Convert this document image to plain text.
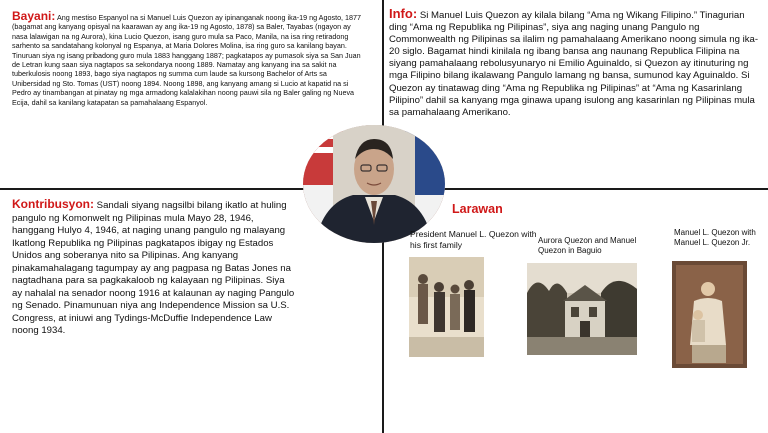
Bayani: Ang mestiso Espanyol na si Manuel Luis Quezon ay ipinanganak noong ika-19 ng Agosto, 1877 (bagamat ang kanyang opisyal na kaarawan ay ang ika-19 ng Agosto, 1878) sa Baler, Tayabas (ngayon ay nasa lalawigan na ng Aurora), kina Lucio Quezon, isang guro mula sa Paco, Manila, na isa ring retiradong sarhento sa sandatahang kolonyal ng Espanya, at Maria Dolores Molina, isa ring guro sa kanilang bayan. Tinuruan siya ng isang pribadong guro mula 1883 hanggang 1887; pagkatapos ay pumasok siya sa San Juan de Letran kung saan siya nagtapos sa sekondarya noong 1889. Namatay ang kanyang ina sa sakit na tuberkulosis noong 1893, bago siya nagtapos ng summa cum laude sa kursong Bachelor of Arts sa Unibersidad ng Sto. Tomas (UST) noong 1894. Noong 1898, ang kanyang amang si Lucio at kapatid na si Pedro ay tinambangan at pinatay ng mga armadong kalalakihan noong pauwi sila ng Baler galing ng Nueva Ecija, dahil sa kanilang katapatan sa pamahalaang Espanyol.
Info: Si Manuel Luis Quezon ay kilala bilang “Ama ng Wikang Filipino.” Tinagurian ding “Ama ng Republika ng Pilipinas”, siya ang naging unang Pangulo ng Commonwealth ng Pilipinas sa ilalim ng pamahalaang Amerikano noong simula ng ika-20 siglo. Bagamat hindi kinilala ng ibang bansa ang naunang Republica Filipina na siyang pamahalaang rebolusyunaryo ni Emilio Aguinaldo, si Quezon ay itinuturing ng mga Filipino bilang ikalawang Pangulo lamang ng bansa, sumunod kay Aguinaldo. Si Quezon ay tinatawag ding “Ama ng Republika ng Pilipinas” at “Ama ng Kasarinlang Pilipino” dahil sa kanyang mga ginawa upang isulong ang kasarinlan ng Pilipinas mula sa pamahalaang Amerikano.
Kontribusyon: Sandali siyang nagsilbi bilang ikatlo at huling pangulo ng Komonwelt ng Pilipinas mula Mayo 28, 1946, hanggang Hulyo 4, 1946, at naging unang pangulo ng malayang Ikatlong Republika ng Pilipinas pagkatapos ibigay ng Estados Unidos ang soberanya nito sa Pilipinas. Ang kanyang pinakamahalagang tagumpay ay ang pagpasa ng Batas Jones na nagtadhana para sa pagkakaloob ng kalayaan ng Pilipinas. Siya ay nahalal na senador noong 1916 at kalaunan ay naging Pangulo ng Senado. Pinamunuan niya ang Independence Mission sa U.S. Congress, at iniuwi ang Tydings-McDuffie Independence Law noong 1934.
Larawan
President Manuel L. Quezon with his first family	Aurora Quezon and Manuel Quezon in Baguio
Manuel L. Quezon with Manuel L. Quezon Jr.
